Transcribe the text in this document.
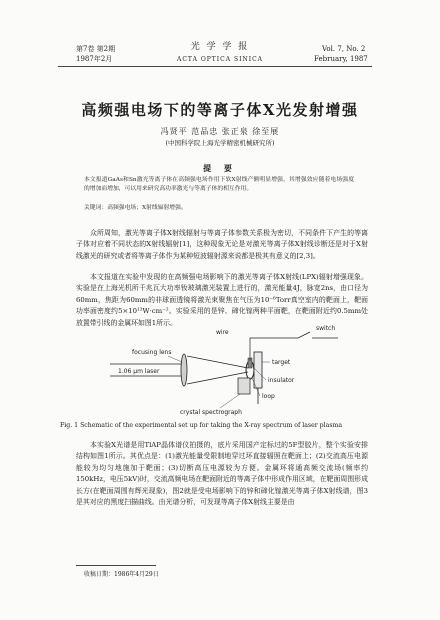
第7卷 第2期
1987年2月
光 学 学 报
ACTA OPTICA SINICA
Vol. 7, No. 2
February, 1987
高频强电场下的等离子体X光发射增强
冯贤平 范品忠 张正泉 徐至展
(中国科学院上海光学精密机械研究所)
提 要
本文报道GaAs和Sn激光等离子体在高频强电场作用下软X射线产额明显增强，其增强效应随着电场强度的增加而增加，可以用来研究高功率激光与等离子体的相互作用。
关键词：高频强电场；X射线辐射增强。
众所周知，激光等离子体X射线辐射与等离子体参数关系极为密切，不同条件下产生的等离子体对应着不同状态的X射线辐射[1]，这种现象无论是对激光等离子体X射线诊断还是对于X射线激光的研究或者将等离子体作为某种短波辐射源来说都是极其有意义的[2,3]。
本文报道在实验中发现的在高频强电场影响下的激光等离子体X射线(LPX)辐射增强现象。实验是在上海光机所千兆瓦大功率钕玻璃激光装置上进行的，激光能量4J，脉宽2ns，由口径为60mm，焦距为60mm的非球面透镜将激光束聚焦在气压为10⁻⁶Torr真空室内的靶面上，靶面功率面密度约5×10¹²W·cm⁻²。实验采用的是锌、碲化镓两种平面靶，在靶面附近约0.5mm处放置带引线的金属环如图1所示。
focusing lens
1.06 μm laser
wire
switch
target
insulator
loop
crystal spectrograph
Fig. 1 Schematic of the experimental set up for taking the X-ray spectrum of laser plasma
本实验X光谱是用TlAP晶体谱仪拍摄的，底片采用国产定标过的5F型胶片，整个实验安排结构如图1所示。其优点是：(1)激光能量受限制地穿过环直接辐照在靶面上；(2)交流高压电源能较为均匀地施加于靶面；(3)切断高压电源较为方便。金属环将通高频交流场(频率约150kHz，电压5kV)时，交流高频电场在靶面附近的等离子体中形成作用区域，在靶面周围形成长方(在靶面周围有辉光现象)，图2就是受电场影响下的锌和碲化镓激光等离子体X射线谱，图3是其对应的黑度扫描曲线。由光谱分析，可发现等离子体X射线主要是由
收稿日期：1986年4月29日
